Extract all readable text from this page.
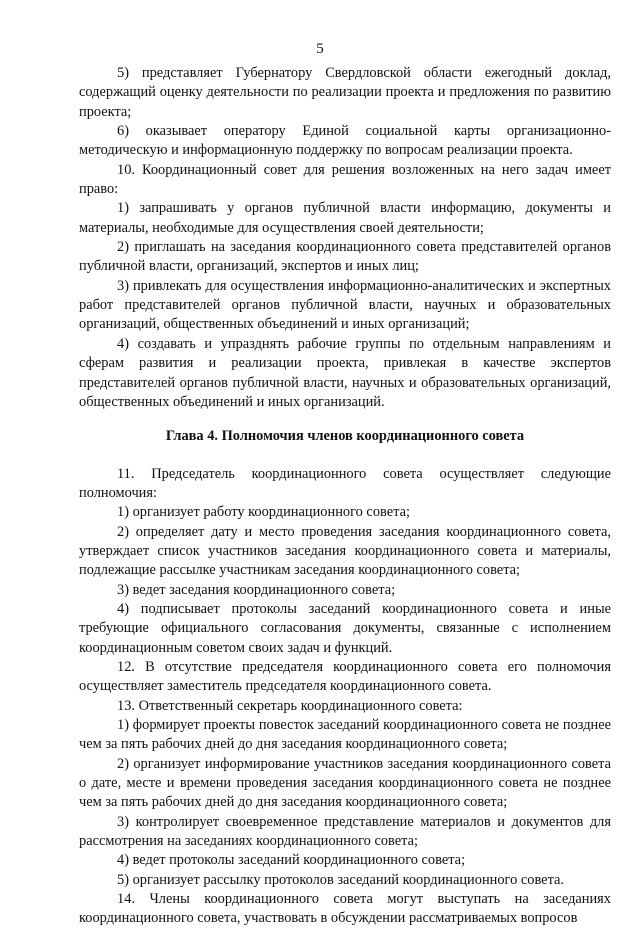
5

5) представляет Губернатору Свердловской области ежегодный доклад, содержащий оценку деятельности по реализации проекта и предложения по развитию проекта;

6) оказывает оператору Единой социальной карты организационно-методическую и информационную поддержку по вопросам реализации проекта.

10. Координационный совет для решения возложенных на него задач имеет право:

1) запрашивать у органов публичной власти информацию, документы и материалы, необходимые для осуществления своей деятельности;

2) приглашать на заседания координационного совета представителей органов публичной власти, организаций, экспертов и иных лиц;

3) привлекать для осуществления информационно-аналитических и экспертных работ представителей органов публичной власти, научных и образовательных организаций, общественных объединений и иных организаций;

4) создавать и упразднять рабочие группы по отдельным направлениям и сферам развития и реализации проекта, привлекая в качестве экспертов представителей органов публичной власти, научных и образовательных организаций, общественных объединений и иных организаций.

Глава 4. Полномочия членов координационного совета

11. Председатель координационного совета осуществляет следующие полномочия:

1) организует работу координационного совета;

2) определяет дату и место проведения заседания координационного совета, утверждает список участников заседания координационного совета и материалы, подлежащие рассылке участникам заседания координационного совета;

3) ведет заседания координационного совета;

4) подписывает протоколы заседаний координационного совета и иные требующие официального согласования документы, связанные с исполнением координационным советом своих задач и функций.

12. В отсутствие председателя координационного совета его полномочия осуществляет заместитель председателя координационного совета.

13. Ответственный секретарь координационного совета:

1) формирует проекты повесток заседаний координационного совета не позднее чем за пять рабочих дней до дня заседания координационного совета;

2) организует информирование участников заседания координационного совета о дате, месте и времени проведения заседания координационного совета не позднее чем за пять рабочих дней до дня заседания координационного совета;

3) контролирует своевременное представление материалов и документов для рассмотрения на заседаниях координационного совета;

4) ведет протоколы заседаний координационного совета;

5) организует рассылку протоколов заседаний координационного совета.

14. Члены координационного совета могут выступать на заседаниях координационного совета, участвовать в обсуждении рассматриваемых вопросов
